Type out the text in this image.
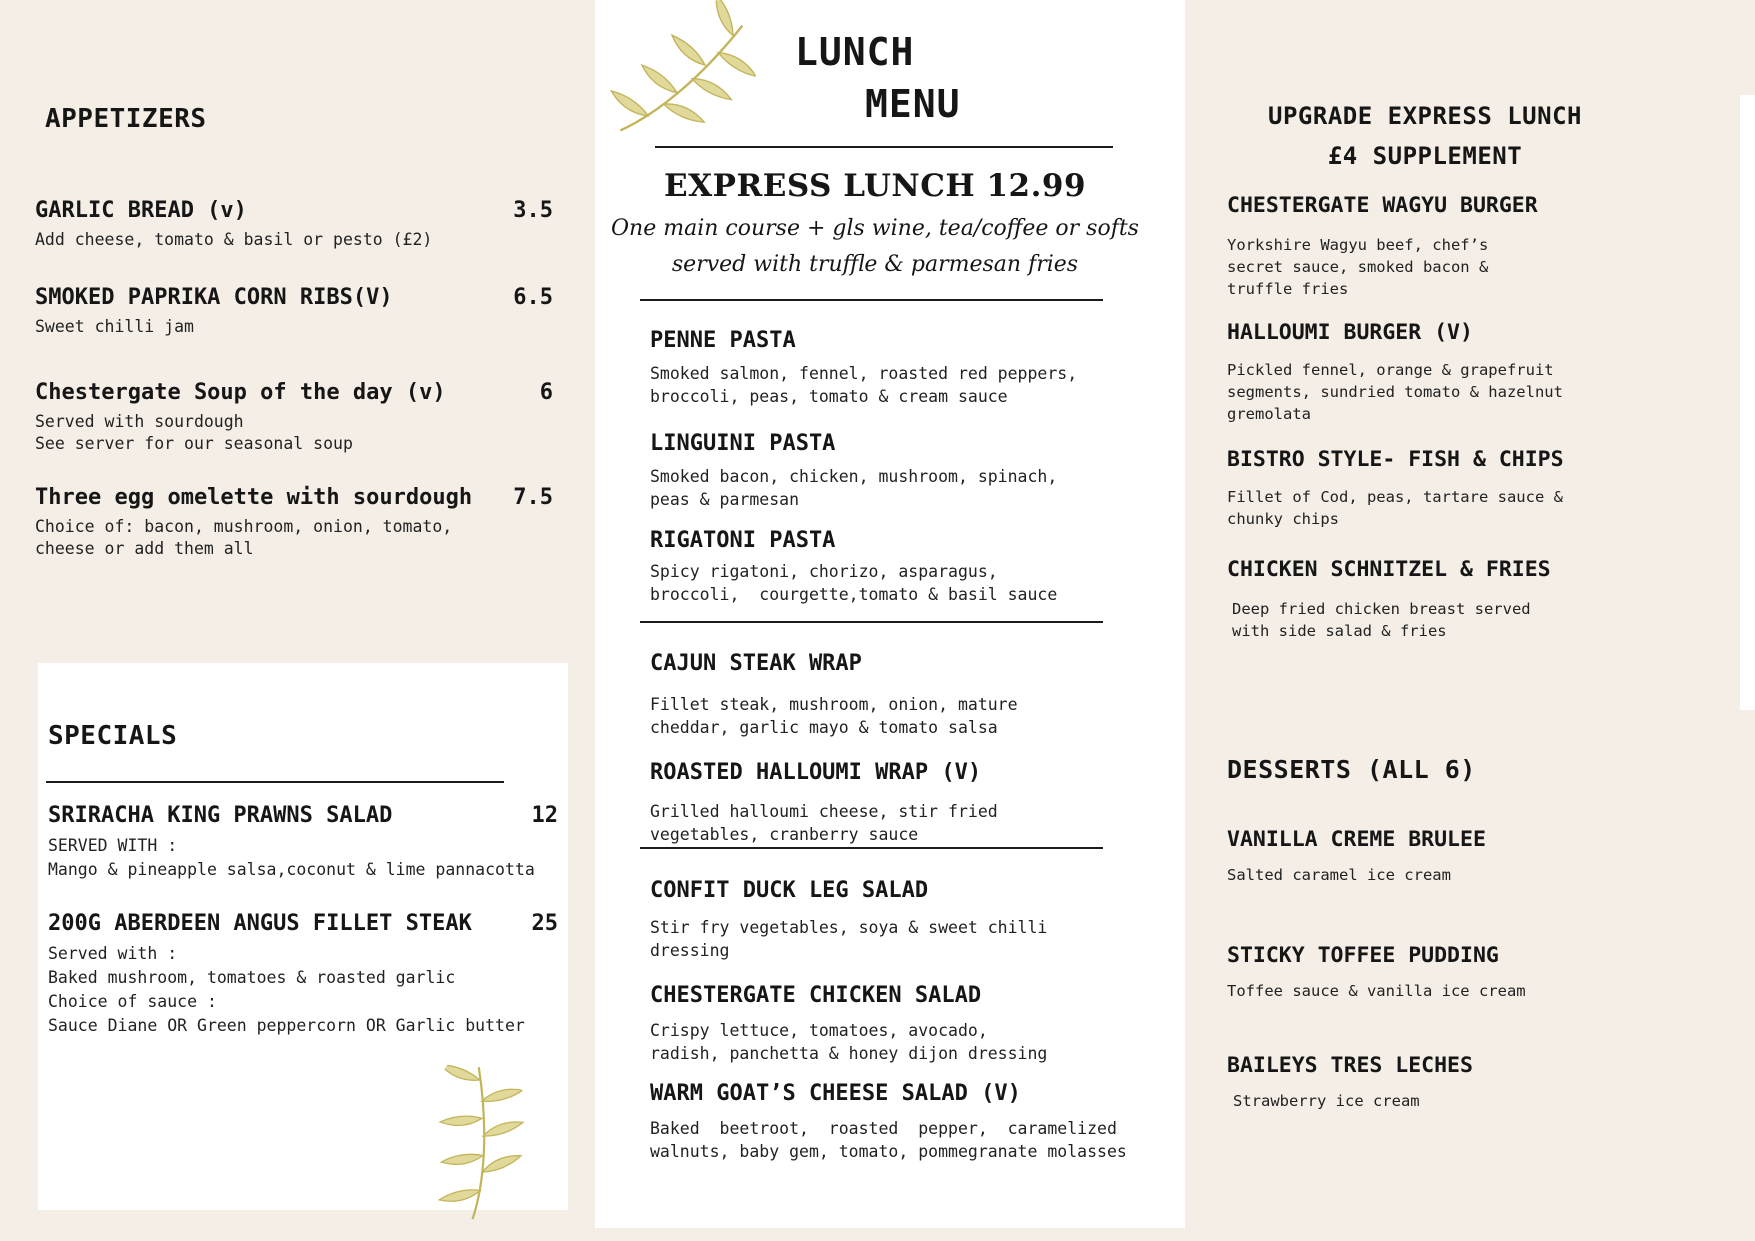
APPETIZERS
GARLIC BREAD (v)	3.5
Add cheese, tomato & basil or pesto (£2)
SMOKED PAPRIKA CORN RIBS(V)	6.5
Sweet chilli jam
Chestergate Soup of the day (v)	6
Served with sourdough
See server for our seasonal soup
Three egg omelette with sourdough 7.5
Choice of: bacon, mushroom, onion, tomato,
cheese or add them all
SPECIALS
SRIRACHA KING PRAWNS SALAD	12
SERVED WITH :
Mango & pineapple salsa,coconut & lime pannacotta
200G ABERDEEN ANGUS FILLET STEAK	25
Served with :
Baked mushroom, tomatoes & roasted garlic
Choice of sauce :
Sauce Diane OR Green peppercorn OR Garlic butter
LUNCH
MENU
EXPRESS LUNCH 12.99
One main course + gls wine, tea/coffee or softs
served with truffle & parmesan fries
PENNE PASTA
Smoked salmon, fennel, roasted red peppers,
broccoli, peas, tomato & cream sauce
LINGUINI PASTA
Smoked bacon, chicken, mushroom, spinach,
peas & parmesan
RIGATONI PASTA
Spicy rigatoni, chorizo, asparagus,
broccoli,  courgette,tomato & basil sauce
CAJUN STEAK WRAP
Fillet steak, mushroom, onion, mature
cheddar, garlic mayo & tomato salsa
ROASTED HALLOUMI WRAP (V)
Grilled halloumi cheese, stir fried
vegetables, cranberry sauce
CONFIT DUCK LEG SALAD
Stir fry vegetables, soya & sweet chilli
dressing
CHESTERGATE CHICKEN SALAD
Crispy lettuce, tomatoes, avocado,
radish, panchetta & honey dijon dressing
WARM GOAT’S CHEESE SALAD (V)
Baked  beetroot,  roasted  pepper,  caramelized
walnuts, baby gem, tomato, pommegranate molasses
UPGRADE EXPRESS LUNCH
£4 SUPPLEMENT
CHESTERGATE WAGYU BURGER
Yorkshire Wagyu beef, chef’s
secret sauce, smoked bacon &
truffle fries
HALLOUMI BURGER (V)
Pickled fennel, orange & grapefruit
segments, sundried tomato & hazelnut
gremolata
BISTRO STYLE- FISH & CHIPS
Fillet of Cod, peas, tartare sauce &
chunky chips
CHICKEN SCHNITZEL & FRIES
Deep fried chicken breast served
with side salad & fries
DESSERTS (ALL 6)
VANILLA CREME BRULEE
Salted caramel ice cream
STICKY TOFFEE PUDDING
Toffee sauce & vanilla ice cream
BAILEYS TRES LECHES
Strawberry ice cream
